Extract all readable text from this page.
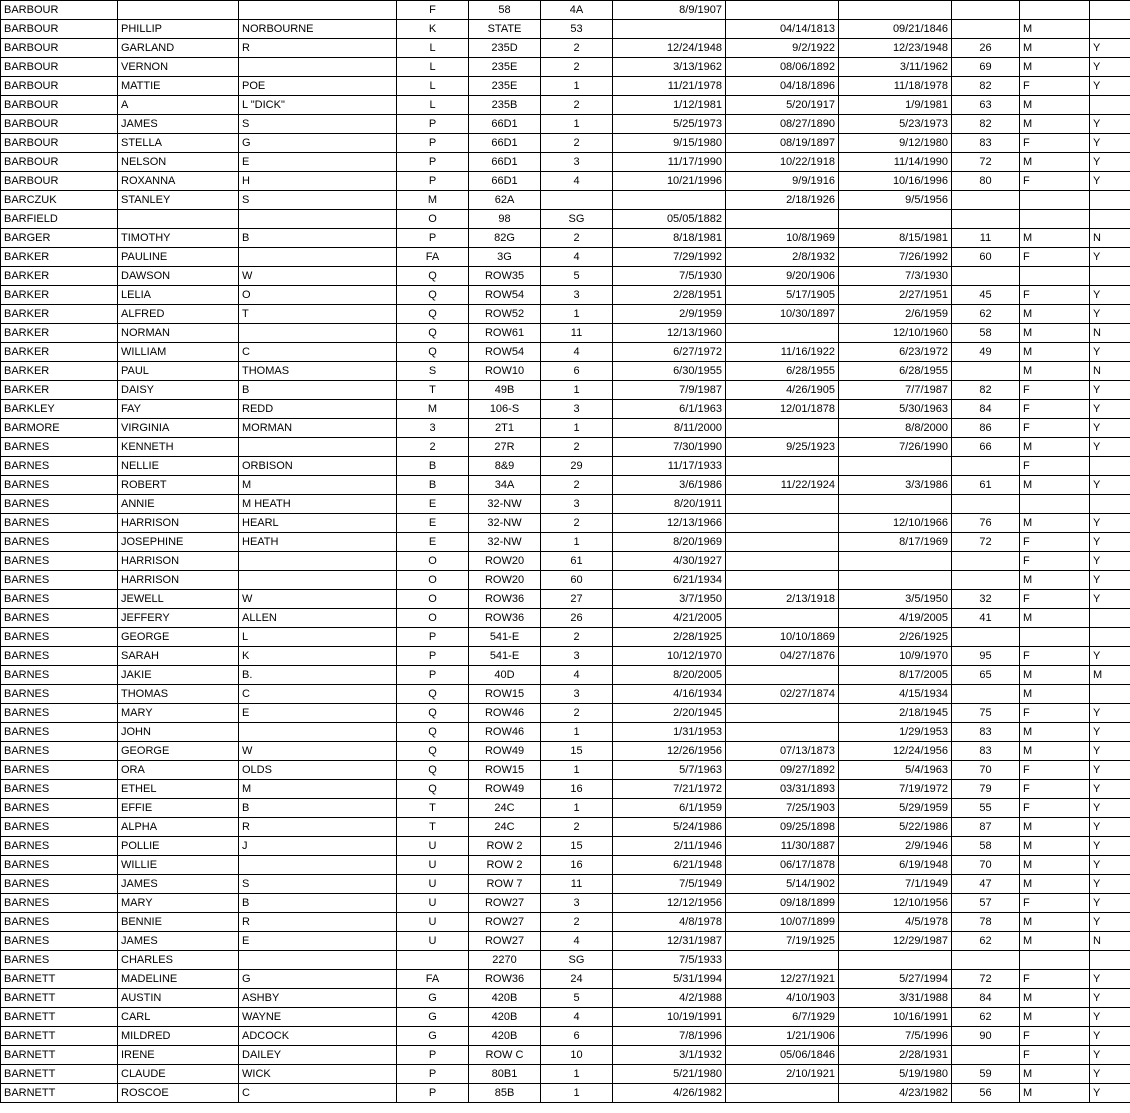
BARBOUR			F	58	4A	8/9/1907					
BARBOUR	PHILLIP	NORBOURNE	K	STATE	53		04/14/1813	09/21/1846		M	
BARBOUR	GARLAND	R	L	235D	2	12/24/1948	9/2/1922	12/23/1948	26	M	Y
BARBOUR	VERNON		L	235E	2	3/13/1962	08/06/1892	3/11/1962	69	M	Y
BARBOUR	MATTIE	POE	L	235E	1	11/21/1978	04/18/1896	11/18/1978	82	F	Y
BARBOUR	A	L "DICK"	L	235B	2	1/12/1981	5/20/1917	1/9/1981	63	M	
BARBOUR	JAMES	S	P	66D1	1	5/25/1973	08/27/1890	5/23/1973	82	M	Y
BARBOUR	STELLA	G	P	66D1	2	9/15/1980	08/19/1897	9/12/1980	83	F	Y
BARBOUR	NELSON	E	P	66D1	3	11/17/1990	10/22/1918	11/14/1990	72	M	Y
BARBOUR	ROXANNA	H	P	66D1	4	10/21/1996	9/9/1916	10/16/1996	80	F	Y
BARCZUK	STANLEY	S	M	62A			2/18/1926	9/5/1956			
BARFIELD			O	98	SG	05/05/1882					
BARGER	TIMOTHY	B	P	82G	2	8/18/1981	10/8/1969	8/15/1981	11	M	N
BARKER	PAULINE		FA	3G	4	7/29/1992	2/8/1932	7/26/1992	60	F	Y
BARKER	DAWSON	W	Q	ROW35	5	7/5/1930	9/20/1906	7/3/1930			
BARKER	LELIA	O	Q	ROW54	3	2/28/1951	5/17/1905	2/27/1951	45	F	Y
BARKER	ALFRED	T	Q	ROW52	1	2/9/1959	10/30/1897	2/6/1959	62	M	Y
BARKER	NORMAN		Q	ROW61	11	12/13/1960		12/10/1960	58	M	N
BARKER	WILLIAM	C	Q	ROW54	4	6/27/1972	11/16/1922	6/23/1972	49	M	Y
BARKER	PAUL	THOMAS	S	ROW10	6	6/30/1955	6/28/1955	6/28/1955		M	N
BARKER	DAISY	B	T	49B	1	7/9/1987	4/26/1905	7/7/1987	82	F	Y
BARKLEY	FAY	REDD	M	106-S	3	6/1/1963	12/01/1878	5/30/1963	84	F	Y
BARMORE	VIRGINIA	MORMAN	3	2T1	1	8/11/2000		8/8/2000	86	F	Y
BARNES	KENNETH		2	27R	2	7/30/1990	9/25/1923	7/26/1990	66	M	Y
BARNES	NELLIE	ORBISON	B	8&9	29	11/17/1933				F	
BARNES	ROBERT	M	B	34A	2	3/6/1986	11/22/1924	3/3/1986	61	M	Y
BARNES	ANNIE	M HEATH	E	32-NW	3	8/20/1911					
BARNES	HARRISON	HEARL	E	32-NW	2	12/13/1966		12/10/1966	76	M	Y
BARNES	JOSEPHINE	HEATH	E	32-NW	1	8/20/1969		8/17/1969	72	F	Y
BARNES	HARRISON		O	ROW20	61	4/30/1927				F	Y
BARNES	HARRISON		O	ROW20	60	6/21/1934				M	Y
BARNES	JEWELL	W	O	ROW36	27	3/7/1950	2/13/1918	3/5/1950	32	F	Y
BARNES	JEFFERY	ALLEN	O	ROW36	26	4/21/2005		4/19/2005	41	M	
BARNES	GEORGE	L	P	541-E	2	2/28/1925	10/10/1869	2/26/1925			
BARNES	SARAH	K	P	541-E	3	10/12/1970	04/27/1876	10/9/1970	95	F	Y
BARNES	JAKIE	B.	P	40D	4	8/20/2005		8/17/2005	65	M	M
BARNES	THOMAS	C	Q	ROW15	3	4/16/1934	02/27/1874	4/15/1934		M	
BARNES	MARY	E	Q	ROW46	2	2/20/1945		2/18/1945	75	F	Y
BARNES	JOHN		Q	ROW46	1	1/31/1953		1/29/1953	83	M	Y
BARNES	GEORGE	W	Q	ROW49	15	12/26/1956	07/13/1873	12/24/1956	83	M	Y
BARNES	ORA	OLDS	Q	ROW15	1	5/7/1963	09/27/1892	5/4/1963	70	F	Y
BARNES	ETHEL	M	Q	ROW49	16	7/21/1972	03/31/1893	7/19/1972	79	F	Y
BARNES	EFFIE	B	T	24C	1	6/1/1959	7/25/1903	5/29/1959	55	F	Y
BARNES	ALPHA	R	T	24C	2	5/24/1986	09/25/1898	5/22/1986	87	M	Y
BARNES	POLLIE	J	U	ROW 2	15	2/11/1946	11/30/1887	2/9/1946	58	M	Y
BARNES	WILLIE		U	ROW 2	16	6/21/1948	06/17/1878	6/19/1948	70	M	Y
BARNES	JAMES	S	U	ROW 7	11	7/5/1949	5/14/1902	7/1/1949	47	M	Y
BARNES	MARY	B	U	ROW27	3	12/12/1956	09/18/1899	12/10/1956	57	F	Y
BARNES	BENNIE	R	U	ROW27	2	4/8/1978	10/07/1899	4/5/1978	78	M	Y
BARNES	JAMES	E	U	ROW27	4	12/31/1987	7/19/1925	12/29/1987	62	M	N
BARNES	CHARLES			2270	SG	7/5/1933					
BARNETT	MADELINE	G	FA	ROW36	24	5/31/1994	12/27/1921	5/27/1994	72	F	Y
BARNETT	AUSTIN	ASHBY	G	420B	5	4/2/1988	4/10/1903	3/31/1988	84	M	Y
BARNETT	CARL	WAYNE	G	420B	4	10/19/1991	6/7/1929	10/16/1991	62	M	Y
BARNETT	MILDRED	ADCOCK	G	420B	6	7/8/1996	1/21/1906	7/5/1996	90	F	Y
BARNETT	IRENE	DAILEY	P	ROW C	10	3/1/1932	05/06/1846	2/28/1931		F	Y
BARNETT	CLAUDE	WICK	P	80B1	1	5/21/1980	2/10/1921	5/19/1980	59	M	Y
BARNETT	ROSCOE	C	P	85B	1	4/26/1982		4/23/1982	56	M	Y
